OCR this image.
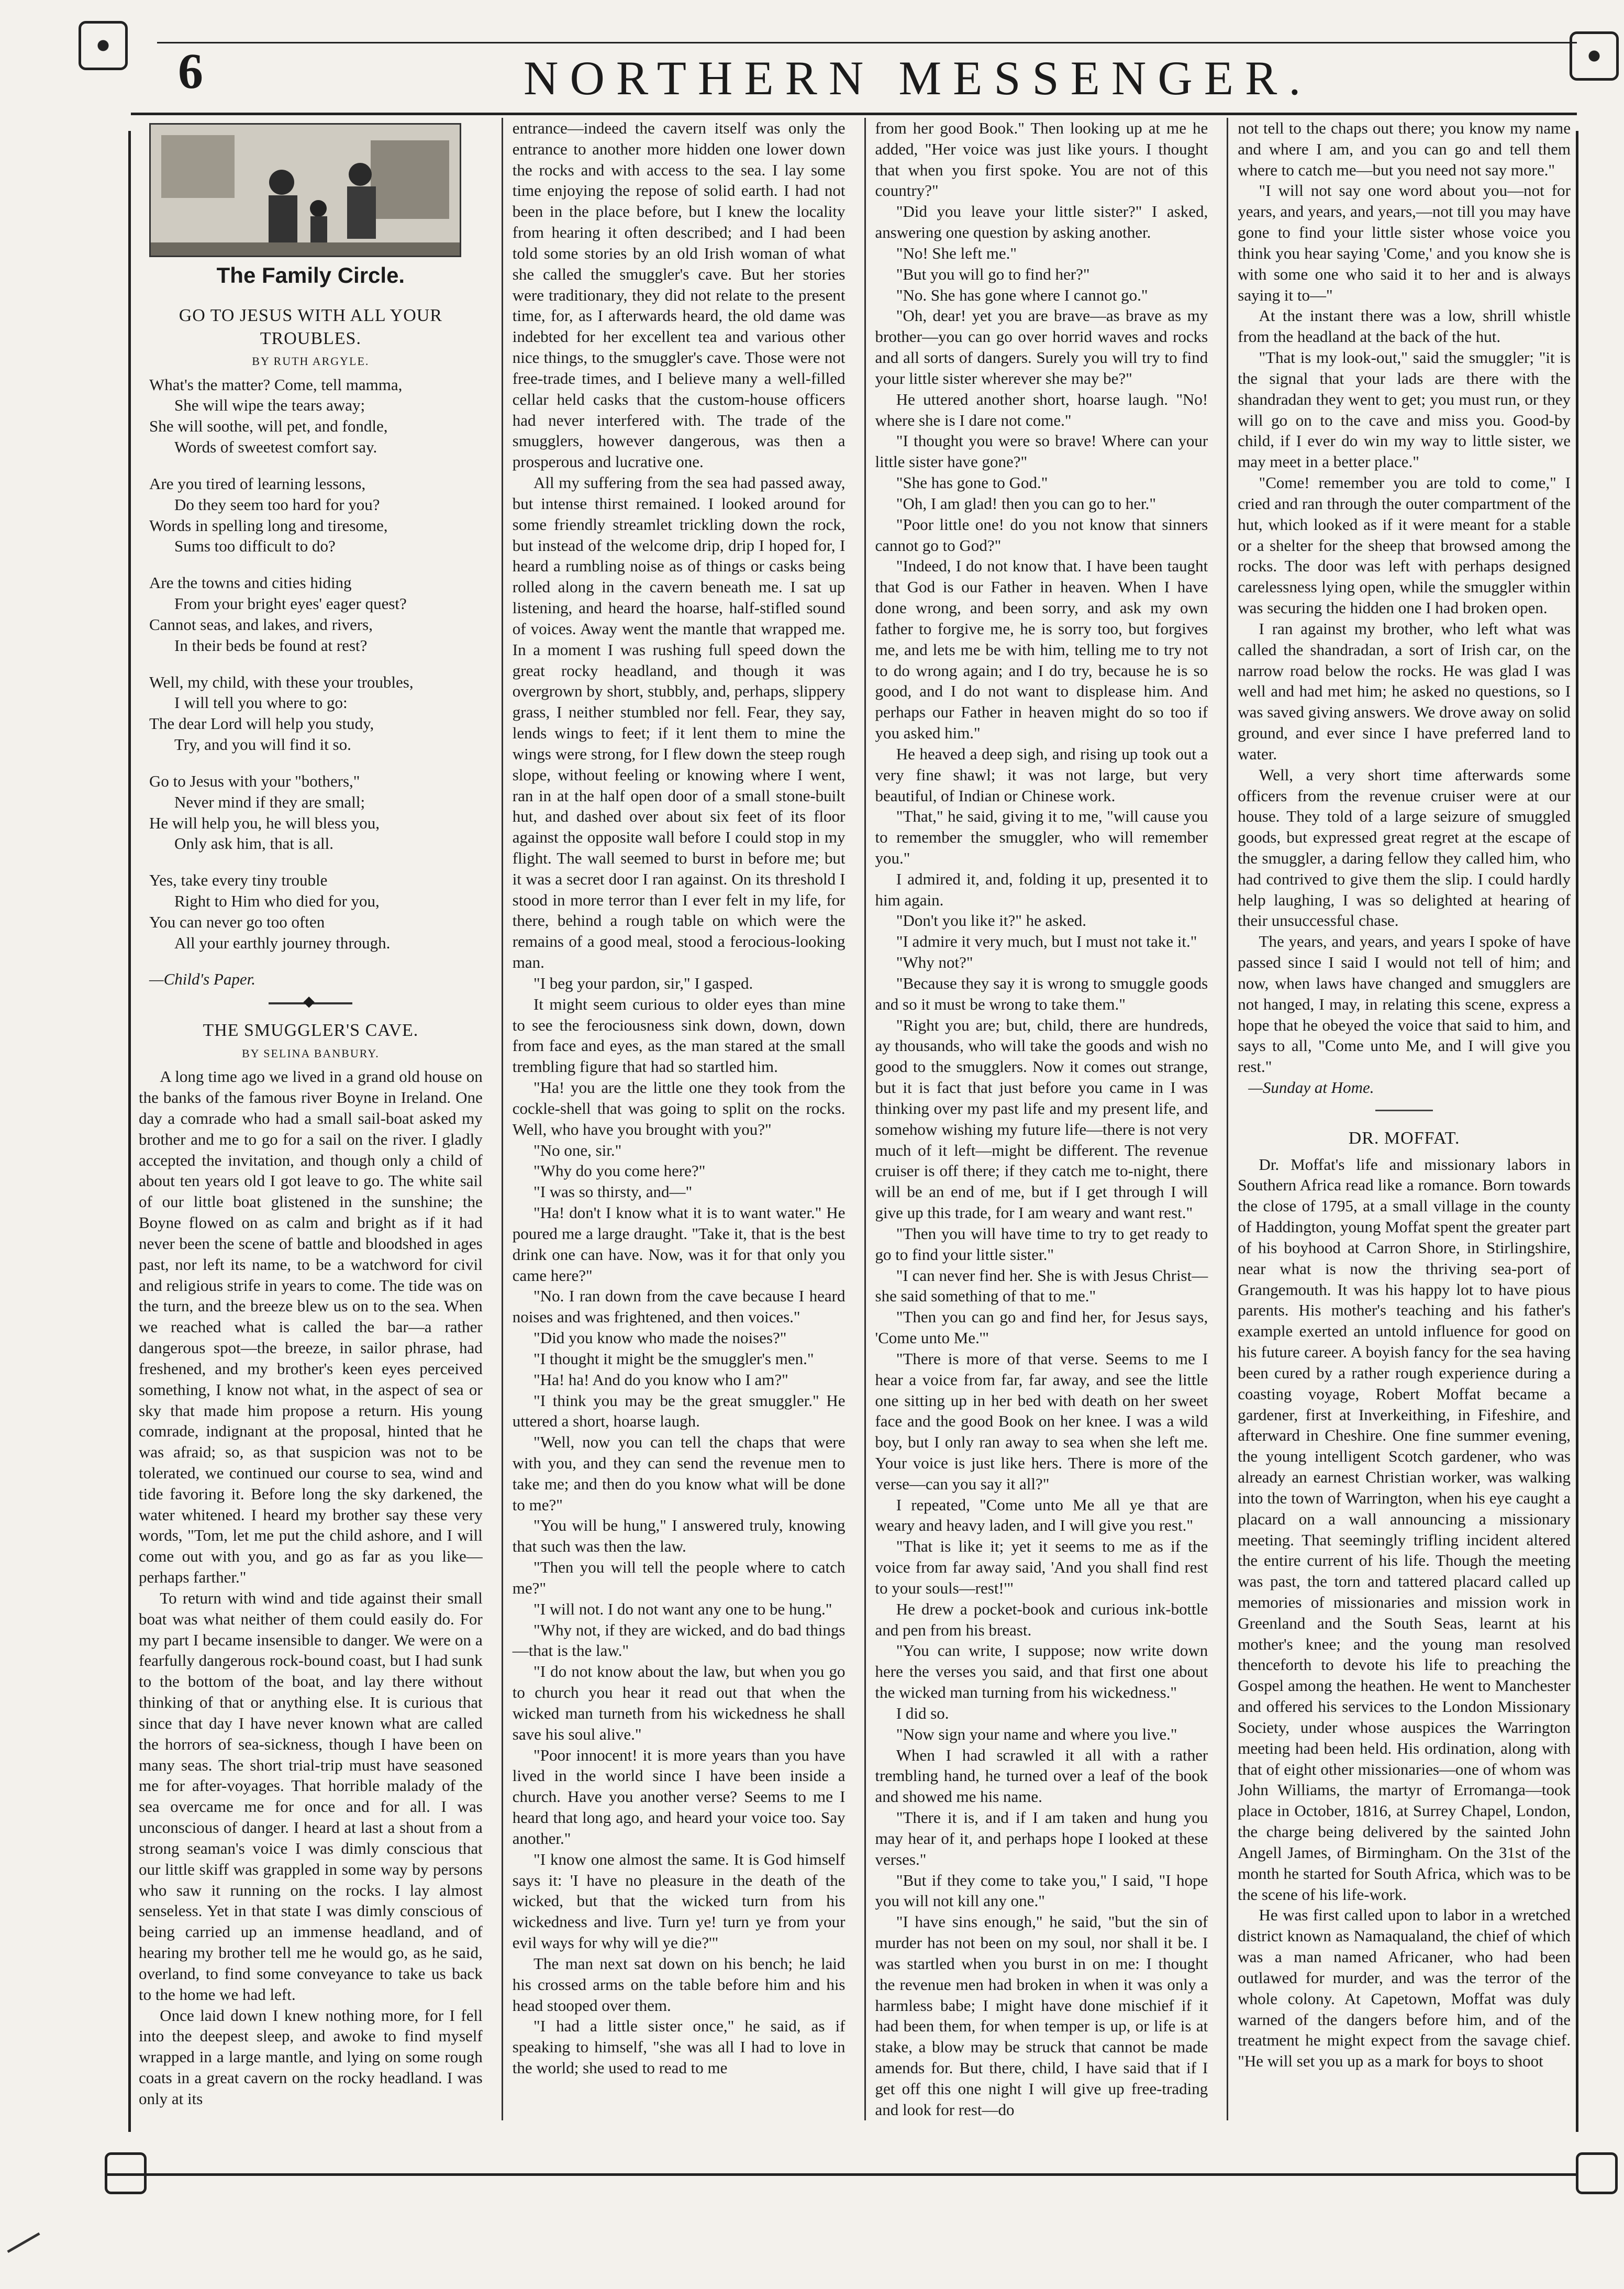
6	NORTHERN MESSENGER.
The Family Circle.
GO TO JESUS WITH ALL YOUR TROUBLES.
BY RUTH ARGYLE.
What's the matter? Come, tell mamma,
She will wipe the tears away;
She will soothe, will pet, and fondle,
Words of sweetest comfort say.
Are you tired of learning lessons,
Do they seem too hard for you?
Words in spelling long and tiresome,
Sums too difficult to do?
Are the towns and cities hiding
From your bright eyes' eager quest?
Cannot seas, and lakes, and rivers,
In their beds be found at rest?
Well, my child, with these your troubles,
I will tell you where to go:
The dear Lord will help you study,
Try, and you will find it so.
Go to Jesus with your "bothers,"
Never mind if they are small;
He will help you, he will bless you,
Only ask him, that is all.
Yes, take every tiny trouble
Right to Him who died for you,
You can never go too often
All your earthly journey through.
—Child's Paper.
◆
THE SMUGGLER'S CAVE.
BY SELINA BANBURY.

A long time ago we lived in a grand old house on the banks of the famous river Boyne in Ireland. One day a comrade who had a small sail-boat asked my brother and me to go for a sail on the river. I gladly accepted the invitation, and though only a child of about ten years old I got leave to go. The white sail of our little boat glistened in the sunshine; the Boyne flowed on as calm and bright as if it had never been the scene of battle and bloodshed in ages past, nor left its name, to be a watchword for civil and religious strife in years to come. The tide was on the turn, and the breeze blew us on to the sea. When we reached what is called the bar—a rather dangerous spot—the breeze, in sailor phrase, had freshened, and my brother's keen eyes perceived something, I know not what, in the aspect of sea or sky that made him propose a return. His young comrade, indignant at the proposal, hinted that he was afraid; so, as that suspicion was not to be tolerated, we continued our course to sea, wind and tide favoring it. Before long the sky darkened, the water whitened. I heard my brother say these very words, "Tom, let me put the child ashore, and I will come out with you, and go as far as you like—perhaps farther."

To return with wind and tide against their small boat was what neither of them could easily do. For my part I became insensible to danger. We were on a fearfully dangerous rock-bound coast, but I had sunk to the bottom of the boat, and lay there without thinking of that or anything else. It is curious that since that day I have never known what are called the horrors of sea-sickness, though I have been on many seas. The short trial-trip must have seasoned me for after-voyages. That horrible malady of the sea overcame me for once and for all. I was unconscious of danger. I heard at last a shout from a strong seaman's voice I was dimly conscious that our little skiff was grappled in some way by persons who saw it running on the rocks. I lay almost senseless. Yet in that state I was dimly conscious of being carried up an immense headland, and of hearing my brother tell me he would go, as he said, overland, to find some conveyance to take us back to the home we had left.

Once laid down I knew nothing more, for I fell into the deepest sleep, and awoke to find myself wrapped in a large mantle, and lying on some rough coats in a great cavern on the rocky headland. I was only at its

entrance—indeed the cavern itself was only the entrance to another more hidden one lower down the rocks and with access to the sea. I lay some time enjoying the repose of solid earth. I had not been in the place before, but I knew the locality from hearing it often described; and I had been told some stories by an old Irish woman of what she called the smuggler's cave. But her stories were traditionary, they did not relate to the present time, for, as I afterwards heard, the old dame was indebted for her excellent tea and various other nice things, to the smuggler's cave. Those were not free-trade times, and I believe many a well-filled cellar held casks that the custom-house officers had never interfered with. The trade of the smugglers, however dangerous, was then a prosperous and lucrative one.

All my suffering from the sea had passed away, but intense thirst remained. I looked around for some friendly streamlet trickling down the rock, but instead of the welcome drip, drip I hoped for, I heard a rumbling noise as of things or casks being rolled along in the cavern beneath me. I sat up listening, and heard the hoarse, half-stifled sound of voices. Away went the mantle that wrapped me. In a moment I was rushing full speed down the great rocky headland, and though it was overgrown by short, stubbly, and, perhaps, slippery grass, I neither stumbled nor fell. Fear, they say, lends wings to feet; if it lent them to mine the wings were strong, for I flew down the steep rough slope, without feeling or knowing where I went, ran in at the half open door of a small stone-built hut, and dashed over about six feet of its floor against the opposite wall before I could stop in my flight. The wall seemed to burst in before me; but it was a secret door I ran against. On its threshold I stood in more terror than I ever felt in my life, for there, behind a rough table on which were the remains of a good meal, stood a ferocious-looking man.

"I beg your pardon, sir," I gasped.

It might seem curious to older eyes than mine to see the ferociousness sink down, down, down from face and eyes, as the man stared at the small trembling figure that had so startled him.

"Ha! you are the little one they took from the cockle-shell that was going to split on the rocks. Well, who have you brought with you?"

"No one, sir."

"Why do you come here?"

"I was so thirsty, and—"

"Ha! don't I know what it is to want water." He poured me a large draught. "Take it, that is the best drink one can have. Now, was it for that only you came here?"

"No. I ran down from the cave because I heard noises and was frightened, and then voices."

"Did you know who made the noises?"

"I thought it might be the smuggler's men."

"Ha! ha! And do you know who I am?"

"I think you may be the great smuggler." He uttered a short, hoarse laugh.

"Well, now you can tell the chaps that were with you, and they can send the revenue men to take me; and then do you know what will be done to me?"

"You will be hung," I answered truly, knowing that such was then the law.

"Then you will tell the people where to catch me?"

"I will not. I do not want any one to be hung."

"Why not, if they are wicked, and do bad things—that is the law."

"I do not know about the law, but when you go to church you hear it read out that when the wicked man turneth from his wickedness he shall save his soul alive."

"Poor innocent! it is more years than you have lived in the world since I have been inside a church. Have you another verse? Seems to me I heard that long ago, and heard your voice too. Say another."

"I know one almost the same. It is God himself says it: 'I have no pleasure in the death of the wicked, but that the wicked turn from his wickedness and live. Turn ye! turn ye from your evil ways for why will ye die?'"

The man next sat down on his bench; he laid his crossed arms on the table before him and his head stooped over them.

"I had a little sister once," he said, as if speaking to himself, "she was all I had to love in the world; she used to read to me

from her good Book." Then looking up at me he added, "Her voice was just like yours. I thought that when you first spoke. You are not of this country?"

"Did you leave your little sister?" I asked, answering one question by asking another.

"No! She left me."

"But you will go to find her?"

"No. She has gone where I cannot go."

"Oh, dear! yet you are brave—as brave as my brother—you can go over horrid waves and rocks and all sorts of dangers. Surely you will try to find your little sister wherever she may be?"

He uttered another short, hoarse laugh. "No! where she is I dare not come."

"I thought you were so brave! Where can your little sister have gone?"

"She has gone to God."

"Oh, I am glad! then you can go to her."

"Poor little one! do you not know that sinners cannot go to God?"

"Indeed, I do not know that. I have been taught that God is our Father in heaven. When I have done wrong, and been sorry, and ask my own father to forgive me, he is sorry too, but forgives me, and lets me be with him, telling me to try not to do wrong again; and I do try, because he is so good, and I do not want to displease him. And perhaps our Father in heaven might do so too if you asked him."

He heaved a deep sigh, and rising up took out a very fine shawl; it was not large, but very beautiful, of Indian or Chinese work.

"That," he said, giving it to me, "will cause you to remember the smuggler, who will remember you."

I admired it, and, folding it up, presented it to him again.

"Don't you like it?" he asked.

"I admire it very much, but I must not take it."

"Why not?"

"Because they say it is wrong to smuggle goods and so it must be wrong to take them."

"Right you are; but, child, there are hundreds, ay thousands, who will take the goods and wish no good to the smugglers. Now it comes out strange, but it is fact that just before you came in I was thinking over my past life and my present life, and somehow wishing my future life—there is not very much of it left—might be different. The revenue cruiser is off there; if they catch me to-night, there will be an end of me, but if I get through I will give up this trade, for I am weary and want rest."

"Then you will have time to try to get ready to go to find your little sister."

"I can never find her. She is with Jesus Christ—she said something of that to me."

"Then you can go and find her, for Jesus says, 'Come unto Me.'"

"There is more of that verse. Seems to me I hear a voice from far, far away, and see the little one sitting up in her bed with death on her sweet face and the good Book on her knee. I was a wild boy, but I only ran away to sea when she left me. Your voice is just like hers. There is more of the verse—can you say it all?"

I repeated, "Come unto Me all ye that are weary and heavy laden, and I will give you rest."

"That is like it; yet it seems to me as if the voice from far away said, 'And you shall find rest to your souls—rest!'"

He drew a pocket-book and curious ink-bottle and pen from his breast.

"You can write, I suppose; now write down here the verses you said, and that first one about the wicked man turning from his wickedness."

I did so.

"Now sign your name and where you live."

When I had scrawled it all with a rather trembling hand, he turned over a leaf of the book and showed me his name.

"There it is, and if I am taken and hung you may hear of it, and perhaps hope I looked at these verses."

"But if they come to take you," I said, "I hope you will not kill any one."

"I have sins enough," he said, "but the sin of murder has not been on my soul, nor shall it be. I was startled when you burst in on me: I thought the revenue men had broken in when it was only a harmless babe; I might have done mischief if it had been them, for when temper is up, or life is at stake, a blow may be struck that cannot be made amends for. But there, child, I have said that if I get off this one night I will give up free-trading and look for rest—do

not tell to the chaps out there; you know my name and where I am, and you can go and tell them where to catch me—but you need not say more."

"I will not say one word about you—not for years, and years, and years,—not till you may have gone to find your little sister whose voice you think you hear saying 'Come,' and you know she is with some one who said it to her and is always saying it to—"

At the instant there was a low, shrill whistle from the headland at the back of the hut.

"That is my look-out," said the smuggler; "it is the signal that your lads are there with the shandradan they went to get; you must run, or they will go on to the cave and miss you. Good-by child, if I ever do win my way to little sister, we may meet in a better place."

"Come! remember you are told to come," I cried and ran through the outer compartment of the hut, which looked as if it were meant for a stable or a shelter for the sheep that browsed among the rocks. The door was left with perhaps designed carelessness lying open, while the smuggler within was securing the hidden one I had broken open.

I ran against my brother, who left what was called the shandradan, a sort of Irish car, on the narrow road below the rocks. He was glad I was well and had met him; he asked no questions, so I was saved giving answers. We drove away on solid ground, and ever since I have preferred land to water.

Well, a very short time afterwards some officers from the revenue cruiser were at our house. They told of a large seizure of smuggled goods, but expressed great regret at the escape of the smuggler, a daring fellow they called him, who had contrived to give them the slip. I could hardly help laughing, I was so delighted at hearing of their unsuccessful chase.

The years, and years, and years I spoke of have passed since I said I would not tell of him; and now, when laws have changed and smugglers are not hanged, I may, in relating this scene, express a hope that he obeyed the voice that said to him, and says to all, "Come unto Me, and I will give you rest."

—Sunday at Home.
DR. MOFFAT.

Dr. Moffat's life and missionary labors in Southern Africa read like a romance. Born towards the close of 1795, at a small village in the county of Haddington, young Moffat spent the greater part of his boyhood at Carron Shore, in Stirlingshire, near what is now the thriving sea-port of Grangemouth. It was his happy lot to have pious parents. His mother's teaching and his father's example exerted an untold influence for good on his future career. A boyish fancy for the sea having been cured by a rather rough experience during a coasting voyage, Robert Moffat became a gardener, first at Inverkeithing, in Fifeshire, and afterward in Cheshire. One fine summer evening, the young intelligent Scotch gardener, who was already an earnest Christian worker, was walking into the town of Warrington, when his eye caught a placard on a wall announcing a missionary meeting. That seemingly trifling incident altered the entire current of his life. Though the meeting was past, the torn and tattered placard called up memories of missionaries and mission work in Greenland and the South Seas, learnt at his mother's knee; and the young man resolved thenceforth to devote his life to preaching the Gospel among the heathen. He went to Manchester and offered his services to the London Missionary Society, under whose auspices the Warrington meeting had been held. His ordination, along with that of eight other missionaries—one of whom was John Williams, the martyr of Erromanga—took place in October, 1816, at Surrey Chapel, London, the charge being delivered by the sainted John Angell James, of Birmingham. On the 31st of the month he started for South Africa, which was to be the scene of his life-work.

He was first called upon to labor in a wretched district known as Namaqualand, the chief of which was a man named Africaner, who had been outlawed for murder, and was the terror of the whole colony. At Capetown, Moffat was duly warned of the dangers before him, and of the treatment he might expect from the savage chief. "He will set you up as a mark for boys to shoot
